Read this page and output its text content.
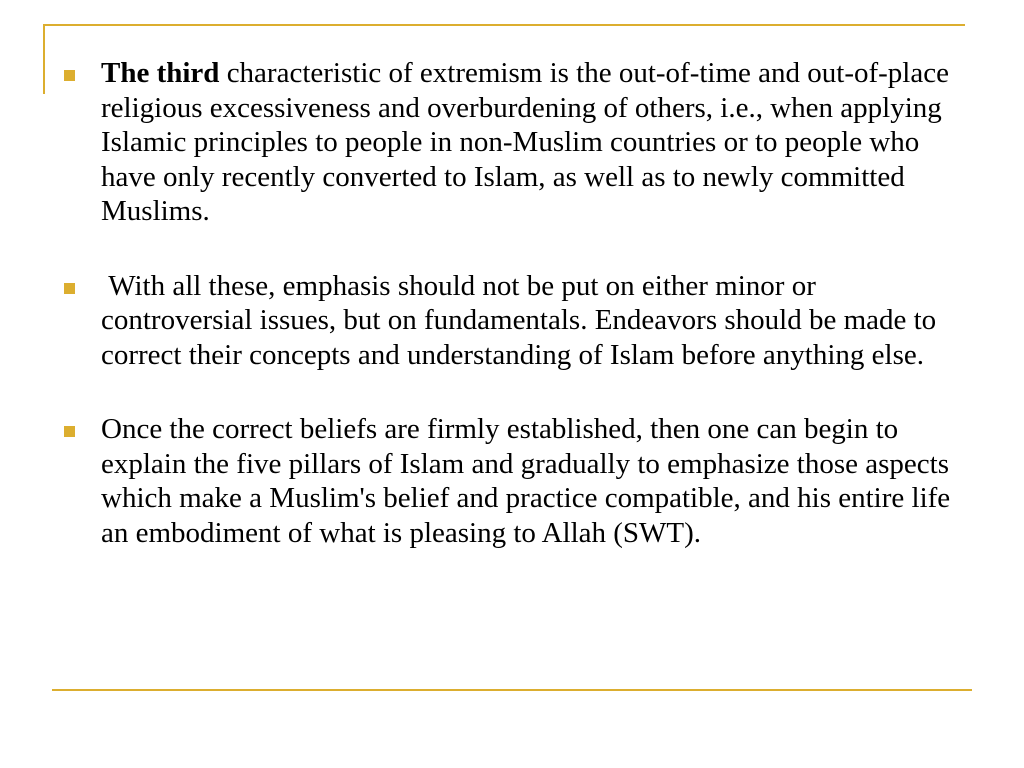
The third characteristic of extremism is the out-of-time and out-of-place religious excessiveness and overburdening of others, i.e., when applying Islamic principles to people in non-Muslim countries or to people who have only recently converted to Islam, as well as to newly committed Muslims.
With all these, emphasis should not be put on either minor or controversial issues, but on fundamentals. Endeavors should be made to correct their concepts and understanding of Islam before anything else.
Once the correct beliefs are firmly established, then one can begin to explain the five pillars of Islam and gradually to emphasize those aspects which make a Muslim's belief and practice compatible, and his entire life an embodiment of what is pleasing to Allah (SWT).
